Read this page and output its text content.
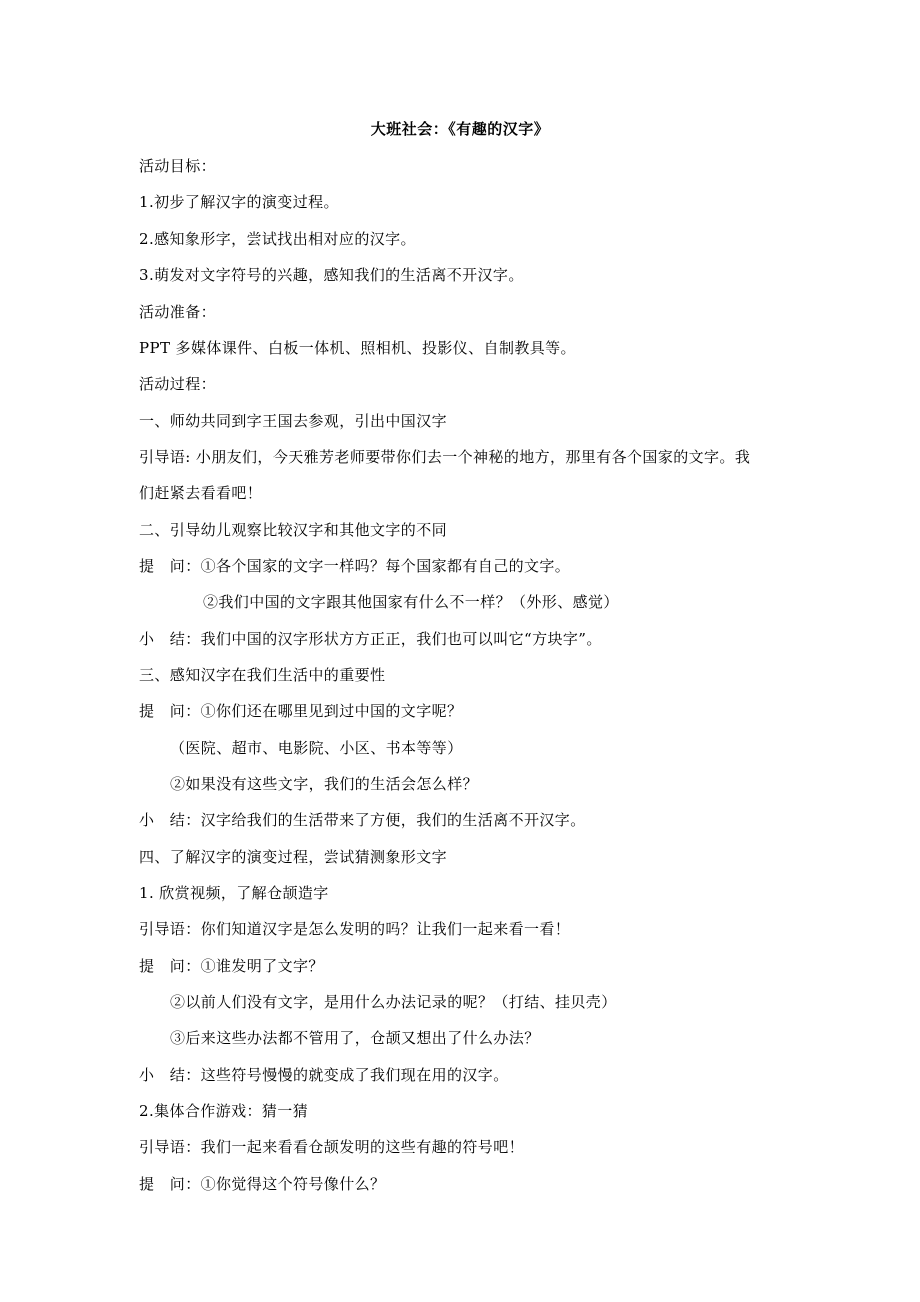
大班社会：《有趣的汉字》
活动目标：
1.初步了解汉字的演变过程。
2.感知象形字，尝试找出相对应的汉字。
3.萌发对文字符号的兴趣，感知我们的生活离不开汉字。
活动准备：
PPT 多媒体课件、白板一体机、照相机、投影仪、自制教具等。
活动过程：
一、师幼共同到字王国去参观，引出中国汉字
引导语: 小朋友们，今天雅芳老师要带你们去一个神秘的地方，那里有各个国家的文字。我
们赶紧去看看吧！
二、引导幼儿观察比较汉字和其他文字的不同
提　问：①各个国家的文字一样吗？每个国家都有自己的文字。
②我们中国的文字跟其他国家有什么不一样？（外形、感觉）
小　结：我们中国的汉字形状方方正正，我们也可以叫它“方块字”。
三、感知汉字在我们生活中的重要性
提　问：①你们还在哪里见到过中国的文字呢？
（医院、超市、电影院、小区、书本等等）
②如果没有这些文字，我们的生活会怎么样？
小　结：汉字给我们的生活带来了方便，我们的生活离不开汉字。
四、了解汉字的演变过程，尝试猜测象形文字
1. 欣赏视频，了解仓颉造字
引导语：你们知道汉字是怎么发明的吗？让我们一起来看一看！
提　问：①谁发明了文字？
②以前人们没有文字，是用什么办法记录的呢？（打结、挂贝壳）
③后来这些办法都不管用了，仓颉又想出了什么办法？
小　结：这些符号慢慢的就变成了我们现在用的汉字。
2.集体合作游戏：猜一猜
引导语：我们一起来看看仓颉发明的这些有趣的符号吧！
提　问：①你觉得这个符号像什么？
